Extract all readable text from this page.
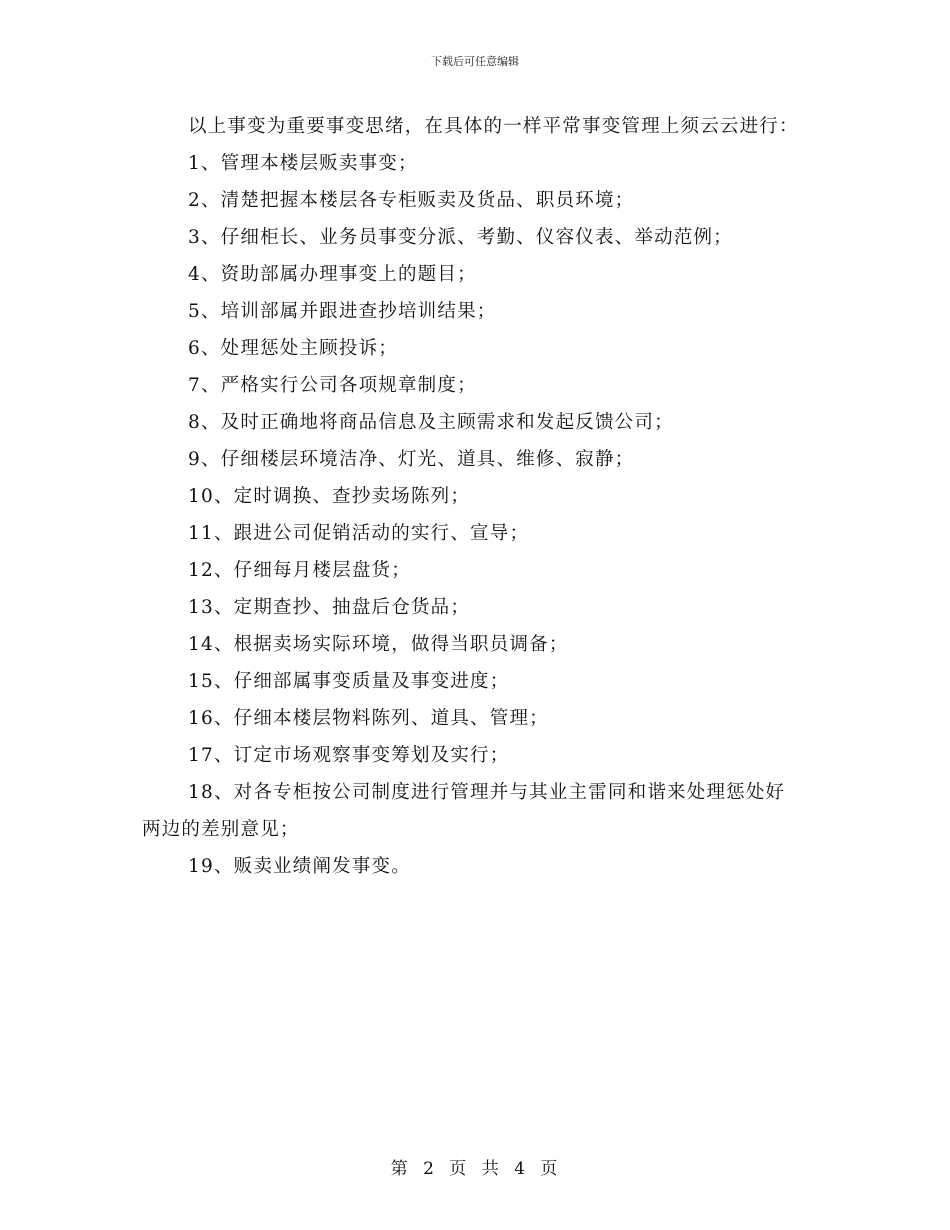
下载后可任意编辑

以上事变为重要事变思绪，在具体的一样平常事变管理上须云云进行：

1、管理本楼层贩卖事变；

2、清楚把握本楼层各专柜贩卖及货品、职员环境；

3、仔细柜长、业务员事变分派、考勤、仪容仪表、举动范例；

4、资助部属办理事变上的题目；

5、培训部属并跟进查抄培训结果；

6、处理惩处主顾投诉；

7、严格实行公司各项规章制度；

8、及时正确地将商品信息及主顾需求和发起反馈公司；

9、仔细楼层环境洁净、灯光、道具、维修、寂静；

10、定时调换、查抄卖场陈列；

11、跟进公司促销活动的实行、宣导；

12、仔细每月楼层盘货；

13、定期查抄、抽盘后仓货品；

14、根据卖场实际环境，做得当职员调备；

15、仔细部属事变质量及事变进度；

16、仔细本楼层物料陈列、道具、管理；

17、订定市场观察事变筹划及实行；

18、对各专柜按公司制度进行管理并与其业主雷同和谐来处理惩处好两边的差别意见；

19、贩卖业绩阐发事变。

第 2 页 共 4 页
